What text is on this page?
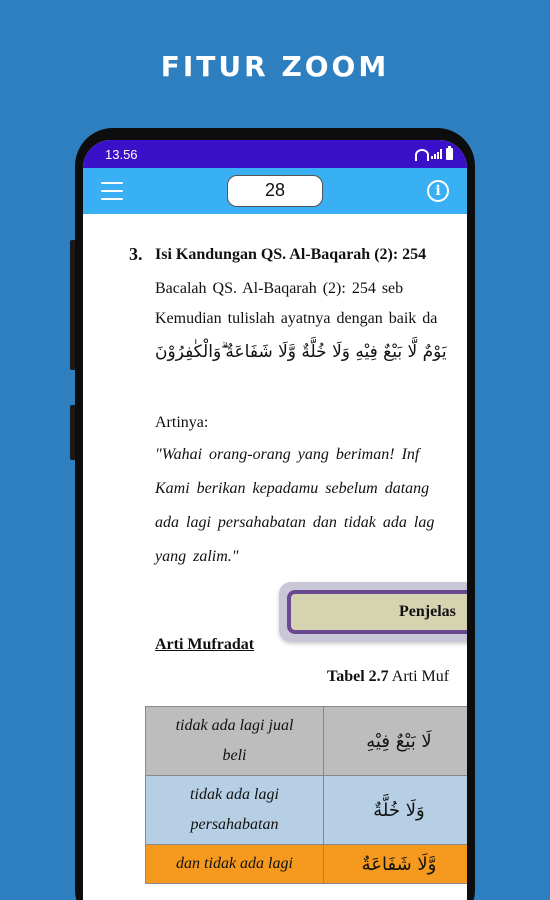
FITUR ZOOM
13.56
28	i
3. Isi Kandungan QS. Al-Baqarah (2): 254
Bacalah QS. Al-Baqarah (2): 254 seb
Kemudian tulislah ayatnya dengan baik da
يَوْمٌ لَّا بَيْعٌ فِيْهِ وَلَا خُلَّةٌ وَّلَا شَفَاعَةٌ ۗوَالْكٰفِرُوْنَ
Artinya:
"Wahai orang-orang yang beriman! Inf
Kami berikan kepadamu sebelum datang
ada lagi persahabatan dan tidak ada lag
yang zalim."
Penjelas
Arti Mufradat
Tabel 2.7 Arti Muf
tidak ada lagi jual
beli	لَا بَيْعٌ فِيْهِ
tidak ada lagi
persahabatan	وَلَا خُلَّةٌ
dan tidak ada lagi	وَّلَا شَفَاعَةٌ
